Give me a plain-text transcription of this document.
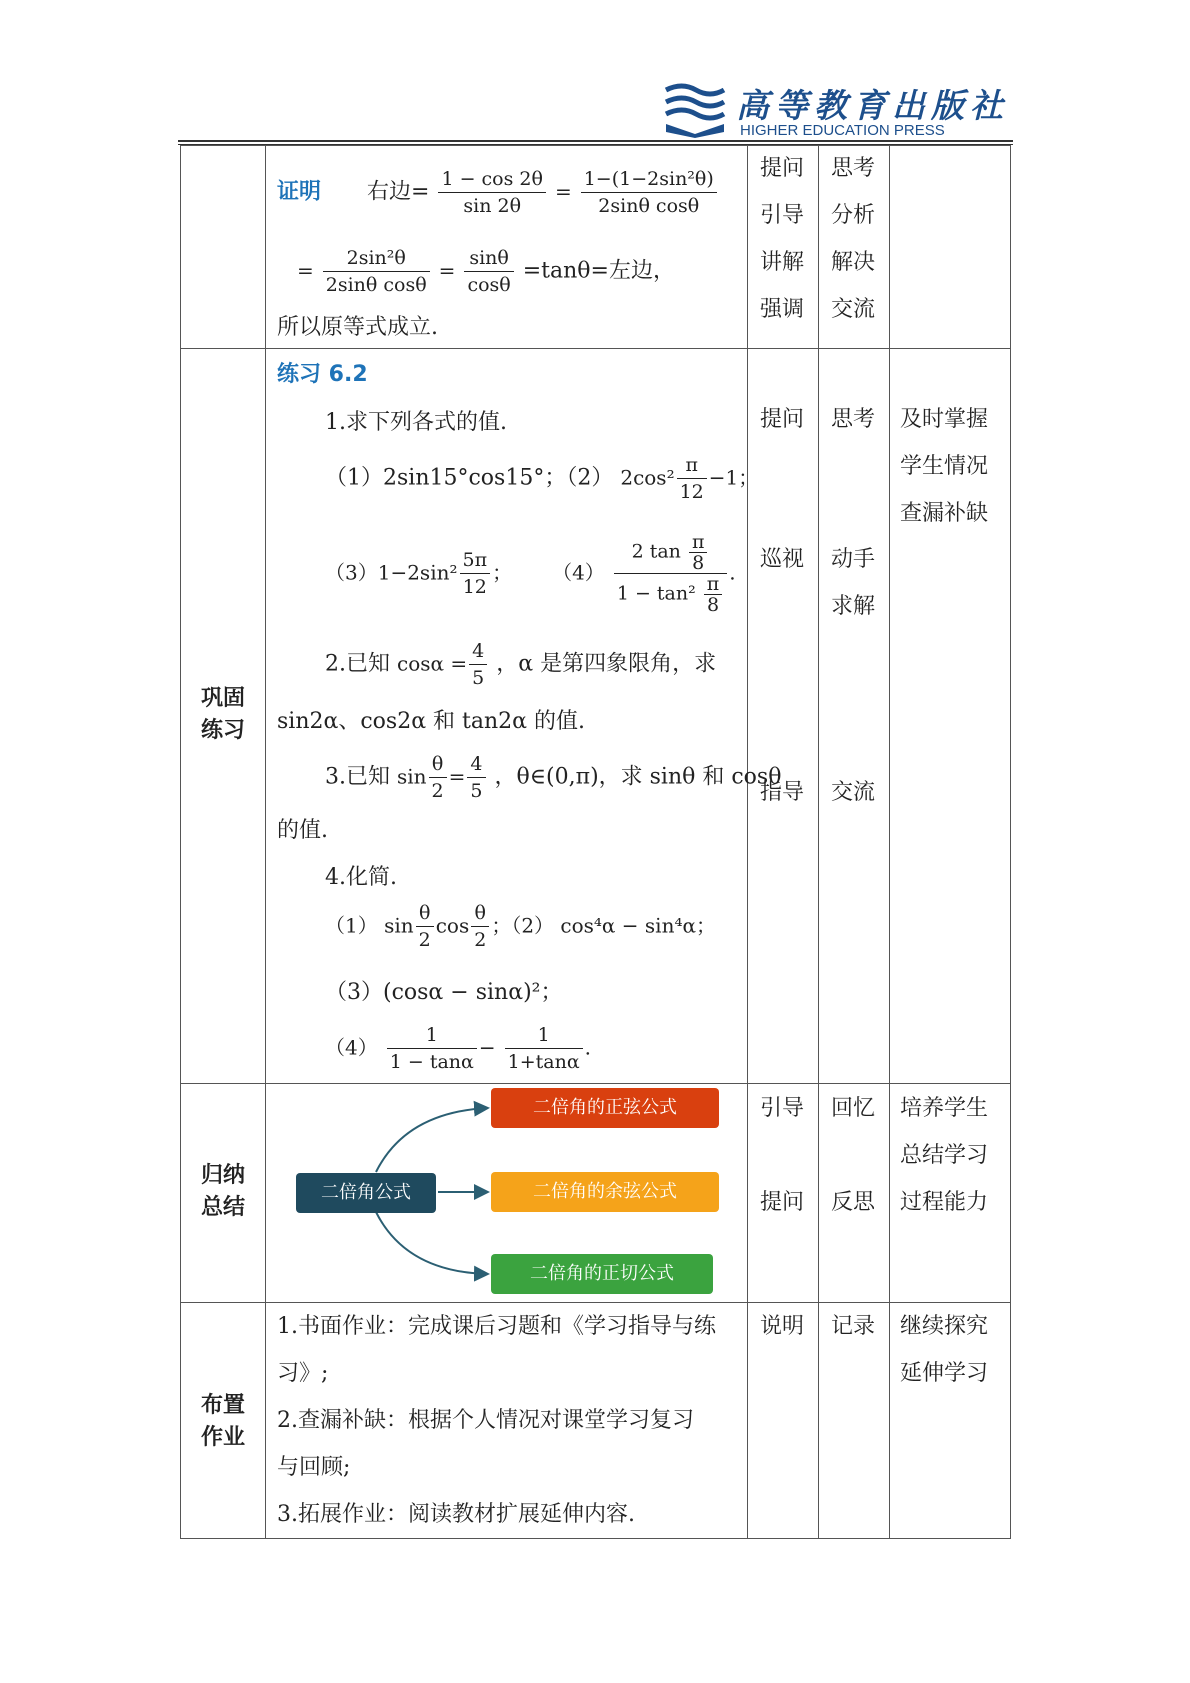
高等教育出版社
HIGHER EDUCATION PRESS
证明 右边= $\frac{1 - \cos 2\theta}{\sin 2\theta} = \frac{\text{1−(1−2sin²θ)}}{\text{2sinθ cosθ}}$
= $\frac{\text{2sin²θ}}{\text{2sinθ cosθ}} = \frac{\sin\theta}{\cos\theta} =\tan\theta=$左边，
所以原等式成立.
提问
引导
讲解
强调
思考
分析
解决
交流
巩固
练习
练习 6.2
1.求下列各式的值.
（1）2sin15°cos15°；（2） $2\cos^2 \frac{\pi}{12} -1$；
$(3)1-2\sin^2 \frac{5\pi}{12}$ ； $(4) \frac{2 \tan \frac{\pi}{8}}{1 - \tan^2 \frac{\pi}{8}}$ .
2.已知 $\cos\alpha = \frac{4}{5}$ ，α 是第四象限角，求
sin2α、cos2α 和 tan2α 的值.
3.已知 $\sin \frac{\theta}{2} = \frac{4}{5}$ ，θ∈(0,π)，求 sinθ 和 cosθ
的值.
4.化简.
（1） $\sin \frac{\theta}{2}$ $\cos \frac{\theta}{2}$ ；（2） cos⁴α − sin⁴α；
（3）(cosα − sinα)²；
$(4) \frac{1}{1 - \tan\alpha} - \frac{1}{1+\tan\alpha}$ .
提问
巡视
指导
思考
动手
求解
交流
及时掌握
学生情况
查漏补缺
归纳
总结
二倍角公式
二倍角的正弦公式
二倍角的余弦公式
二倍角的正切公式
引导
提问
回忆
反思
培养学生
总结学习
过程能力
布置
作业
1.书面作业：完成课后习题和《学习指导与练
习》;
2.查漏补缺：根据个人情况对课堂学习复习
与回顾;
3.拓展作业：阅读教材扩展延伸内容.
说明	记录	继续探究
延伸学习
